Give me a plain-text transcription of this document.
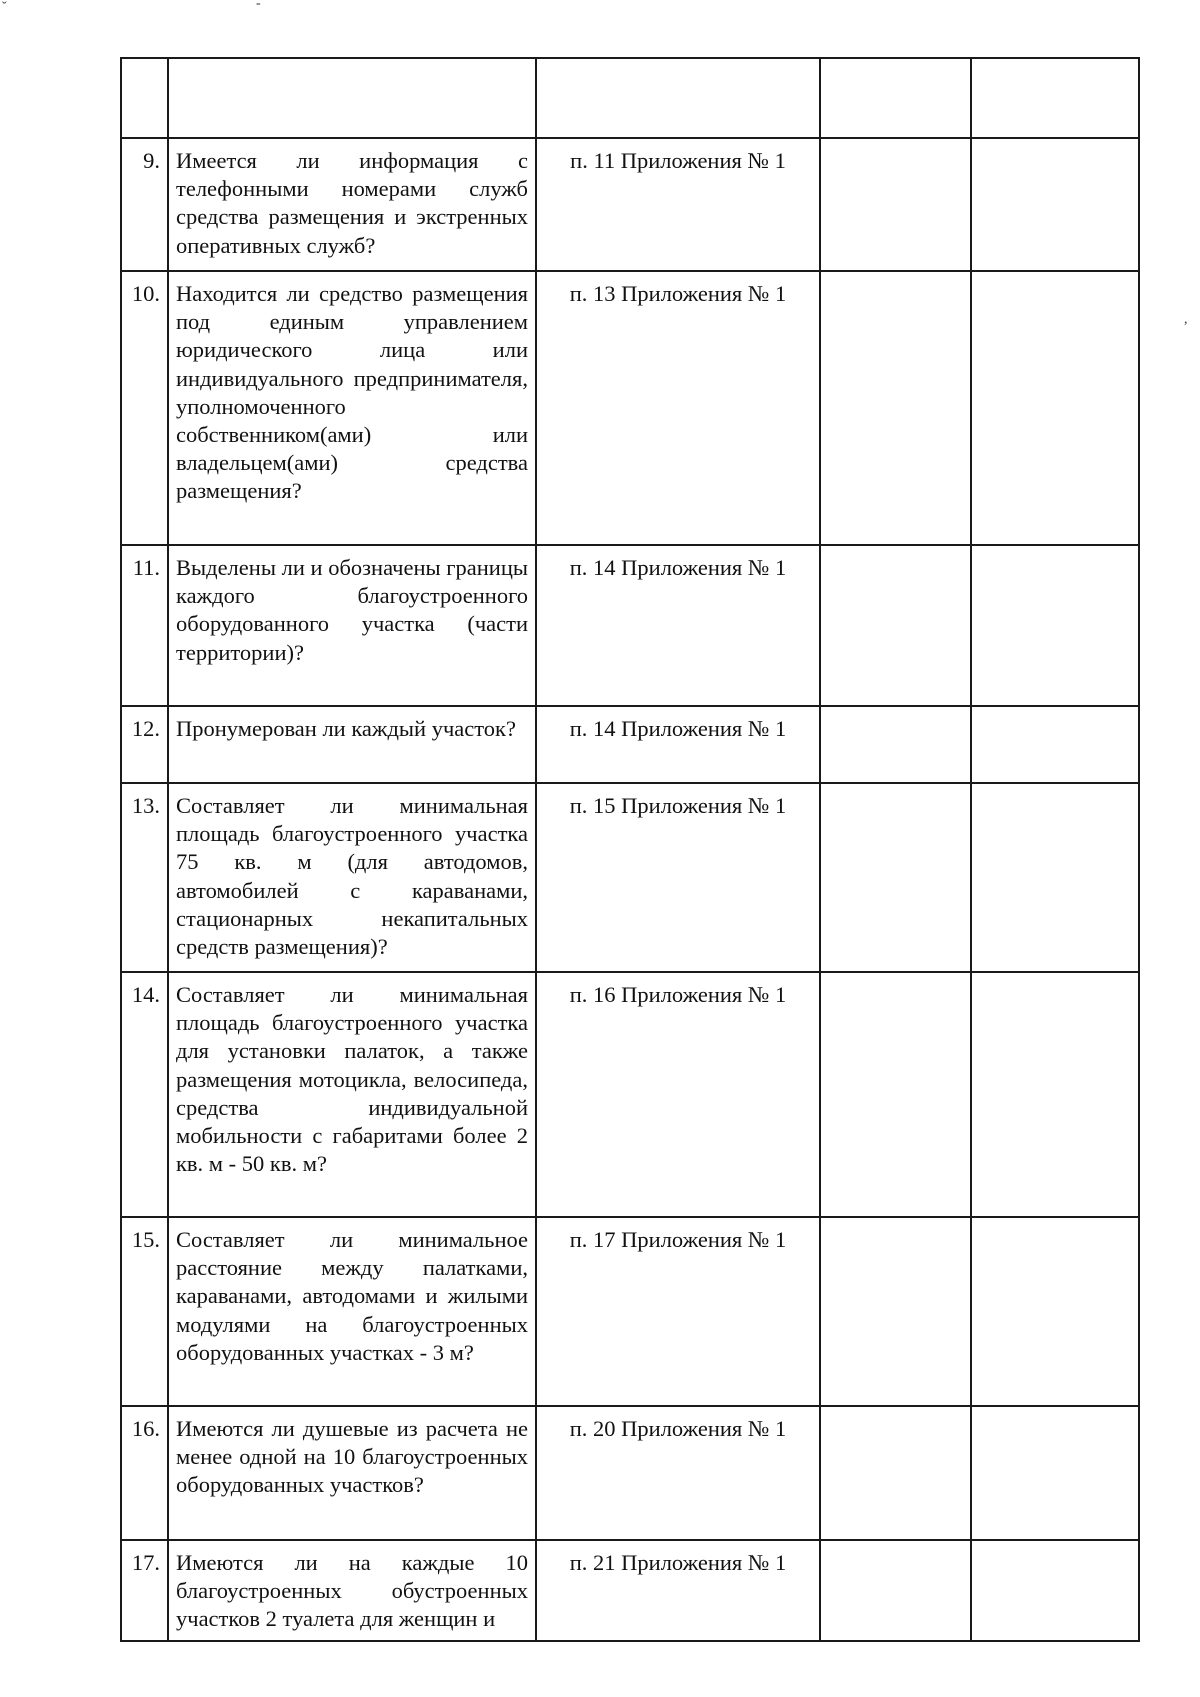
ˇ	-
,

9.	Имеется ли информация с телефонными номерами служб средства размещения и экстренных оперативных служб?	п. 11 Приложения № 1		
10.	Находится ли средство размещения под единым управлением юридического лица или индивидуального предпринимателя, уполномоченного собственником(ами) или владельцем(ами) средства размещения?	п. 13 Приложения № 1		
11.	Выделены ли и обозначены границы каждого благоустроенного оборудованного участка (части территории)?	п. 14 Приложения № 1		
12.	Пронумерован ли каждый участок?	п. 14 Приложения № 1		
13.	Составляет ли минимальная площадь благоустроенного участка 75 кв. м (для автодомов, автомобилей с караванами, стационарных некапитальных средств размещения)?	п. 15 Приложения № 1		
14.	Составляет ли минимальная площадь благоустроенного участка для установки палаток, а также размещения мотоцикла, велосипеда, средства индивидуальной мобильности с габаритами более 2 кв. м - 50 кв. м?	п. 16 Приложения № 1		
15.	Составляет ли минимальное расстояние между палатками, караванами, автодомами и жилыми модулями на благоустроенных оборудованных участках - 3 м?	п. 17 Приложения № 1		
16.	Имеются ли душевые из расчета не менее одной на 10 благоустроенных оборудованных участков?	п. 20 Приложения № 1		
17.	Имеются ли на каждые 10 благоустроенных обустроенных участков 2 туалета для женщин и	п. 21 Приложения № 1		
